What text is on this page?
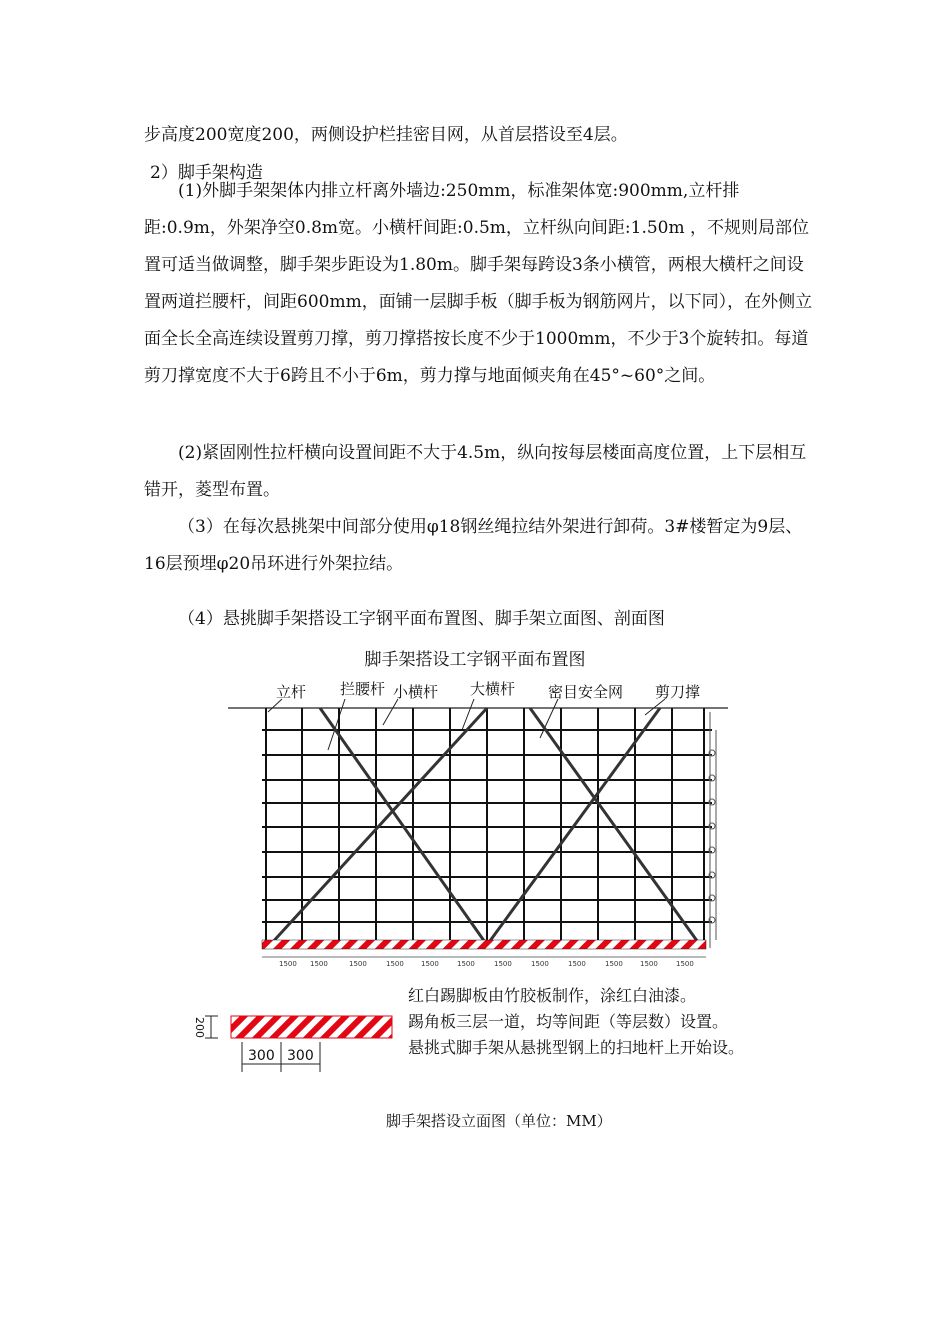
步高度200宽度200，两侧设护栏挂密目网，从首层搭设至4层。

2）脚手架构造

(1)外脚手架架体内排立杆离外墙边:250mm，标准架体宽:900mm,立杆排距:0.9m，外架净空0.8m宽。小横杆间距:0.5m，立杆纵向间距:1.50m ，不规则局部位置可适当做调整，脚手架步距设为1.80m。脚手架每跨设3条小横管，两根大横杆之间设置两道拦腰杆，间距600mm，面铺一层脚手板（脚手板为钢筋网片，以下同），在外侧立面全长全高连续设置剪刀撑，剪刀撑搭按长度不少于1000mm，不少于3个旋转扣。每道剪刀撑宽度不大于6跨且不小于6m，剪力撑与地面倾夹角在45°~60°之间。

(2)紧固刚性拉杆横向设置间距不大于4.5m，纵向按每层楼面高度位置，上下层相互错开，菱型布置。

（3）在每次悬挑架中间部分使用φ18钢丝绳拉结外架进行卸荷。3#楼暂定为9层、16层预埋φ20吊环进行外架拉结。

（4）悬挑脚手架搭设工字钢平面布置图、脚手架立面图、剖面图

脚手架搭设工字钢平面布置图
立杆 拦腰杆 小横杆 大横杆 密目安全网 剪刀撑
1500 1500	1500	1500 1500	1500	1500	1500	1500	1500 1500	1500
200
300 300

红白踢脚板由竹胶板制作，涂红白油漆。

踢角板三层一道，均等间距（等层数）设置。

悬挑式脚手架从悬挑型钢上的扫地杆上开始设。

脚手架搭设立面图（单位：MM）
